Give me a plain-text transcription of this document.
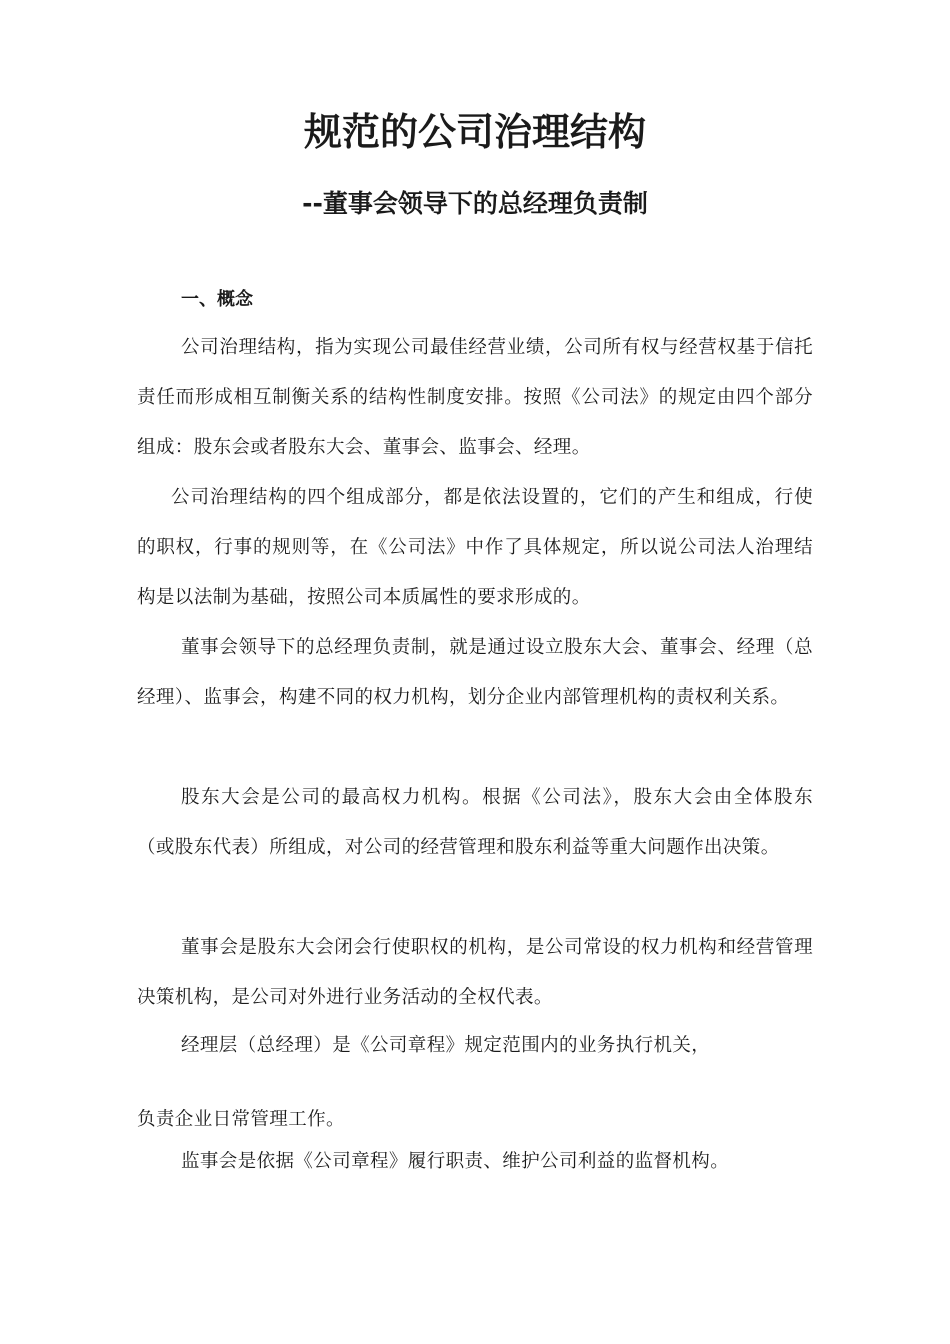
规范的公司治理结构
--董事会领导下的总经理负责制
一、概念

公司治理结构，指为实现公司最佳经营业绩，公司所有权与经营权基于信托责任而形成相互制衡关系的结构性制度安排。按照《公司法》的规定由四个部分组成：股东会或者股东大会、董事会、监事会、经理。

公司治理结构的四个组成部分，都是依法设置的，它们的产生和组成，行使的职权，行事的规则等，在《公司法》中作了具体规定，所以说公司法人治理结构是以法制为基础，按照公司本质属性的要求形成的。

董事会领导下的总经理负责制，就是通过设立股东大会、董事会、经理（总经理）、监事会，构建不同的权力机构，划分企业内部管理机构的责权利关系。

股东大会是公司的最高权力机构。根据《公司法》，股东大会由全体股东（或股东代表）所组成，对公司的经营管理和股东利益等重大问题作出决策。

董事会是股东大会闭会行使职权的机构，是公司常设的权力机构和经营管理决策机构，是公司对外进行业务活动的全权代表。

经理层（总经理）是《公司章程》规定范围内的业务执行机关，

负责企业日常管理工作。

监事会是依据《公司章程》履行职责、维护公司利益的监督机构。
